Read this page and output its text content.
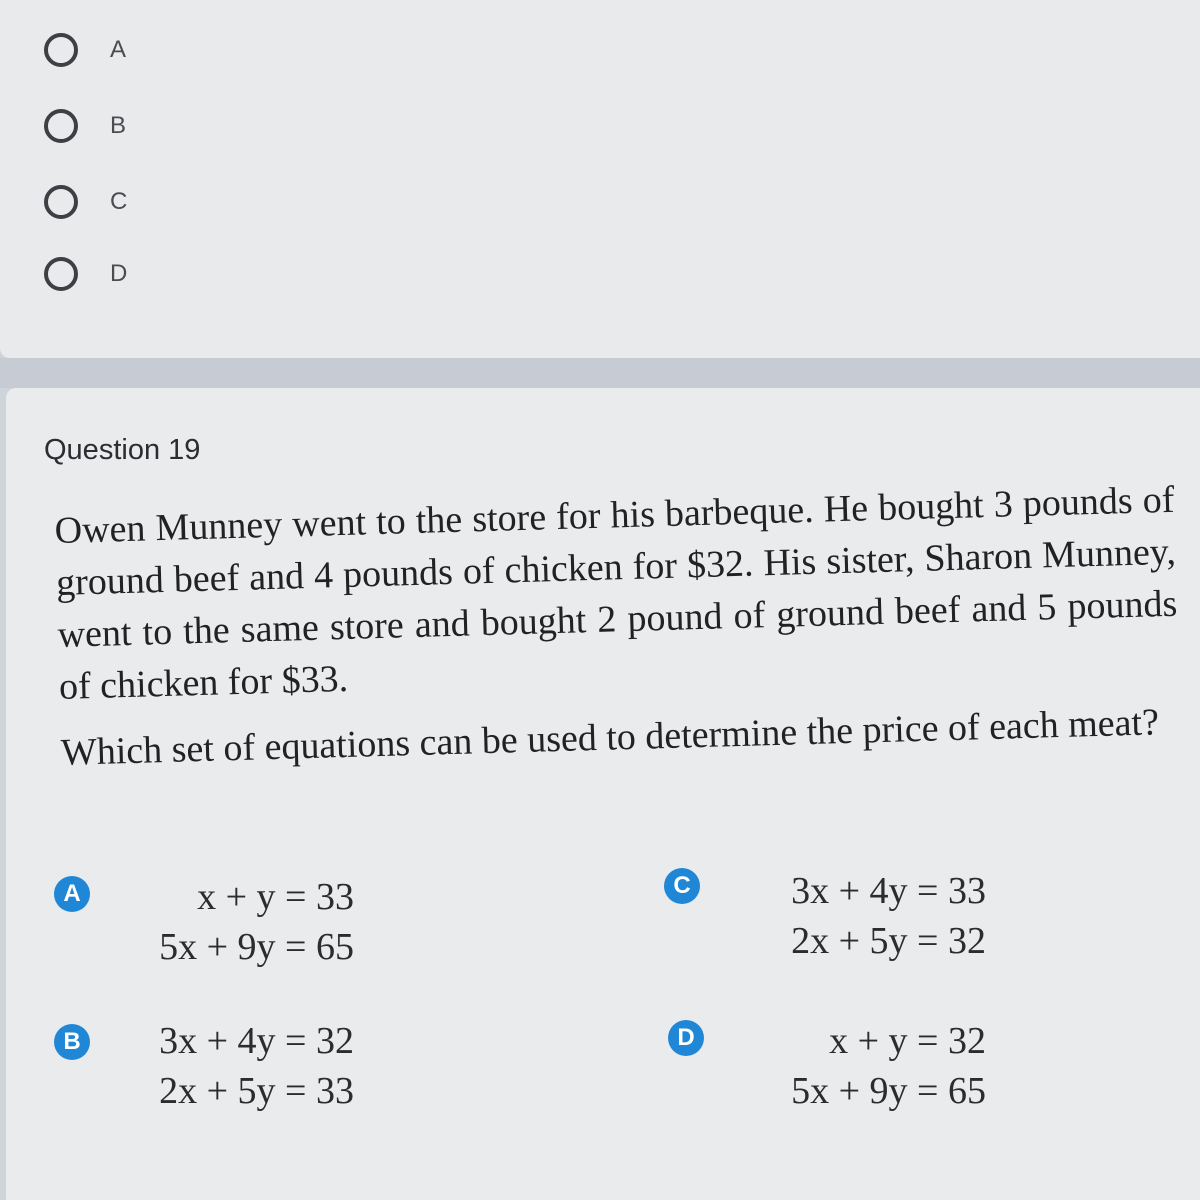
A
B
C
D
Question 19

Owen Munney went to the store for his barbeque. He bought 3 pounds of ground beef and 4 pounds of chicken for $32. His sister, Sharon Munney, went to the same store and bought 2 pound of ground beef and 5 pounds of chicken for $33.

Which set of equations can be used to determine the price of each meat?

A	x + y = 33
5x + 9y = 65
B	3x + 4y = 32
2x + 5y = 33
C	3x + 4y = 33
2x + 5y = 32
D	x + y = 32
5x + 9y = 65
